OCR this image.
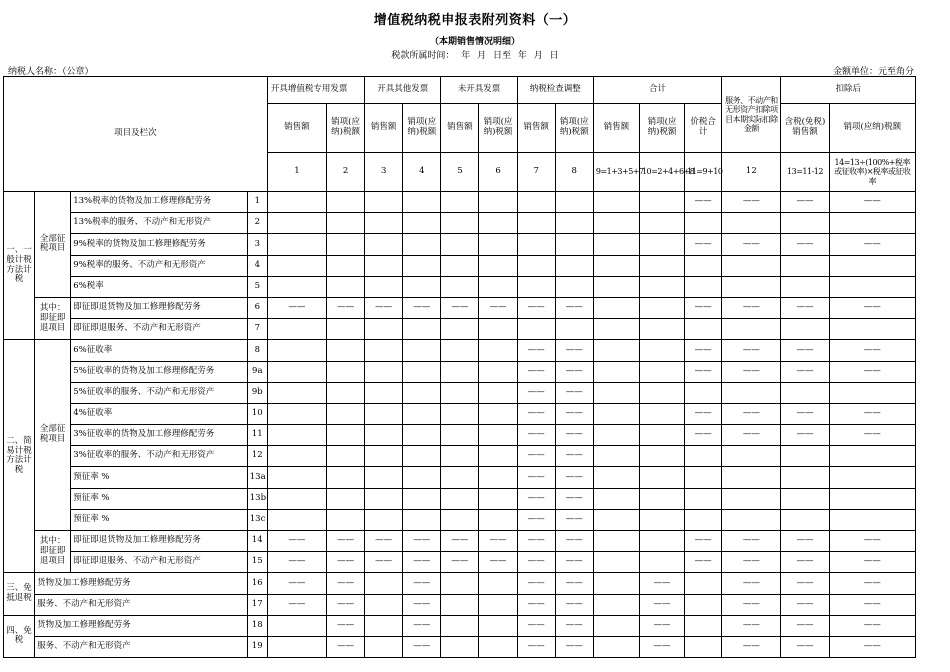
增值税纳税申报表附列资料（一）
（本期销售情况明细）
税款所属时间： 年 月 日至 年 月 日
纳税人名称：（公章）	金额单位：元至角分
项目及栏次				开具增值税专用发票		开具其他发票		未开具发票		纳税检查调整		合计			服务、不动产和无形资产扣除项目本期实际扣除金额	扣除后	
				销售额	销项(应纳)税额	销售额	销项(应纳)税额	销售额	销项(应纳)税额	销售额	销项(应纳)税额	销售额	销项(应纳)税额	价税合计		含税(免税)销售额	销项(应纳)税额
				1	2	3	4	5	6	7	8	9=1+3+5+7	10=2+4+6+8	11=9+10	12	13=11-12	14=13÷(100%+税率或征收率)×税率或征收率
一、一般计税方法计税	全部征税项目	13%税率的货物及加工修理修配劳务	1											——	——	——	——
		13%税率的服务、不动产和无形资产	2														
		9%税率的货物及加工修理修配劳务	3											——	——	——	——
		9%税率的服务、不动产和无形资产	4														
		6%税率	5														
	其中：即征即退项目	即征即退货物及加工修理修配劳务	6	——	——	——	——	——	——	——	——			——	——	——	——
		即征即退服务、不动产和无形资产	7														
二、简易计税方法计税	全部征税项目	6%征收率	8							——	——			——	——	——	——
		5%征收率的货物及加工修理修配劳务	9a							——	——			——	——	——	——
		5%征收率的服务、不动产和无形资产	9b							——	——						
		4%征收率	10							——	——			——	——	——	——
		3%征收率的货物及加工修理修配劳务	11							——	——			——	——	——	——
		3%征收率的服务、不动产和无形资产	12							——	——						
		预征率 %	13a							——	——						
		预征率 %	13b							——	——						
		预征率 %	13c							——	——						
	其中：即征即退项目	即征即退货物及加工修理修配劳务	14	——	——	——	——	——	——	——	——			——	——	——	——
		即征即退服务、不动产和无形资产	15	——	——	——	——	——	——	——	——			——	——	——	——
三、免抵退税	货物及加工修理修配劳务		16	——	——		——			——	——		——		——	——	——
	服务、不动产和无形资产		17	——	——		——			——	——		——		——	——	——
四、免税	货物及加工修理修配劳务		18		——		——			——	——		——		——	——	——
	服务、不动产和无形资产		19		——		——			——	——		——		——	——	——
